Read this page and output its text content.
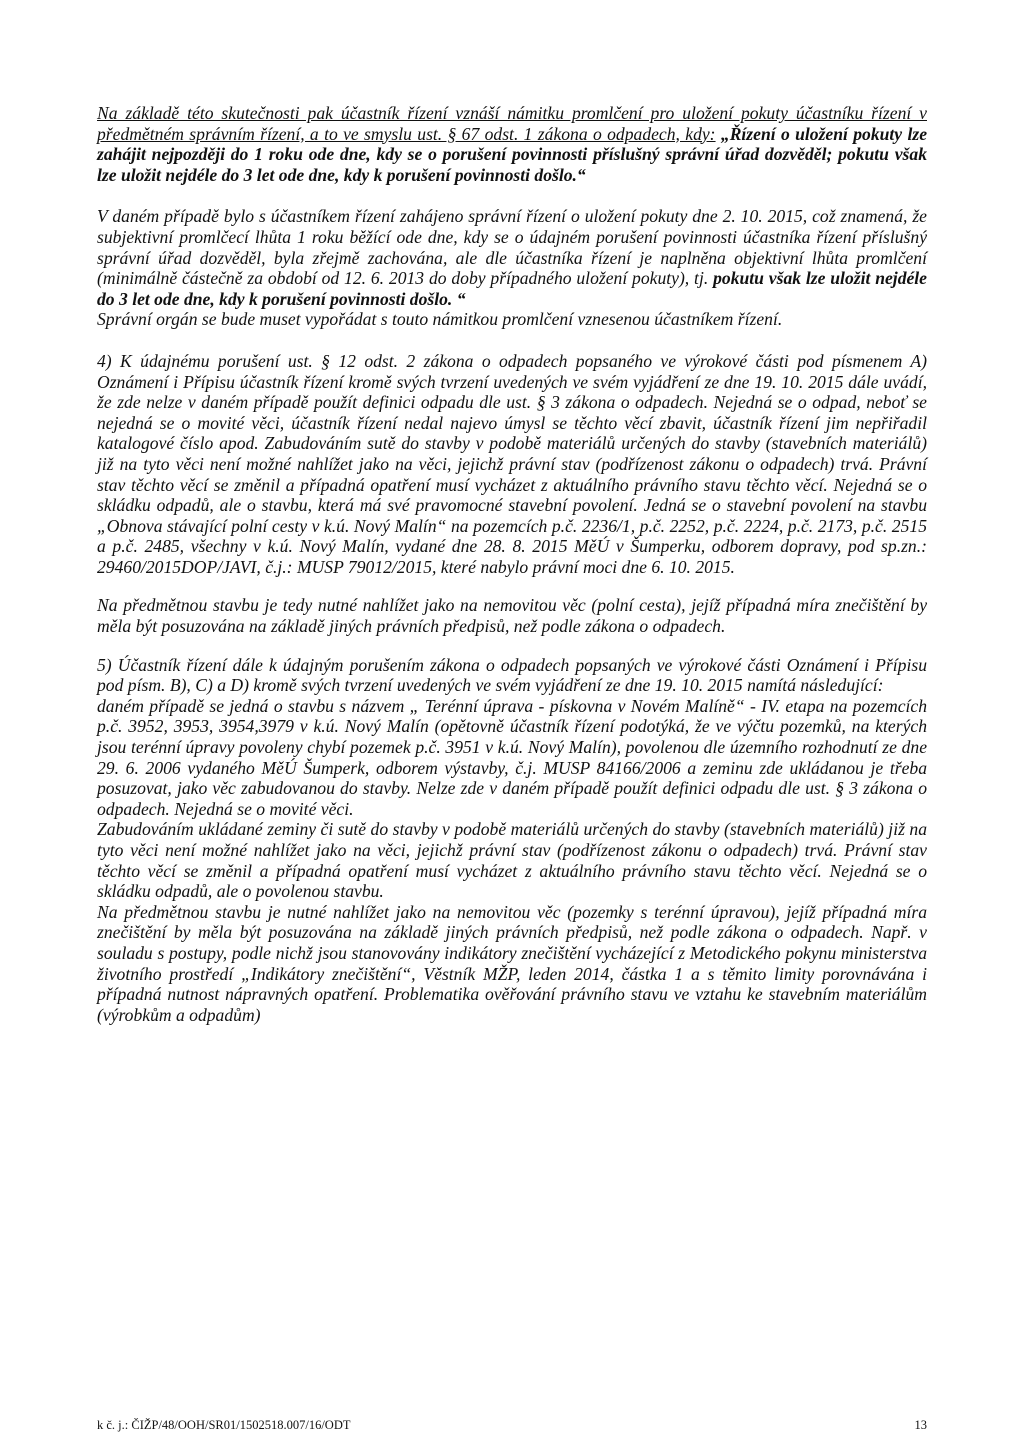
Na základě této skutečnosti pak účastník řízení vznáší námitku promlčení pro uložení pokuty účastníku řízení v předmětném správním řízení, a to ve smyslu ust. § 67 odst. 1 zákona o odpadech, kdy: „Řízení o uložení pokuty lze zahájit nejpozději do 1 roku ode dne, kdy se o porušení povinnosti příslušný správní úřad dozvěděl; pokutu však lze uložit nejdéle do 3 let ode dne, kdy k porušení povinnosti došlo.“

V daném případě bylo s účastníkem řízení zahájeno správní řízení o uložení pokuty dne 2. 10. 2015, což znamená, že subjektivní promlčecí lhůta 1 roku běžící ode dne, kdy se o údajném porušení povinnosti účastníka řízení příslušný správní úřad dozvěděl, byla zřejmě zachována, ale dle účastníka řízení je naplněna objektivní lhůta promlčení (minimálně částečně za období od 12. 6. 2013 do doby případného uložení pokuty), tj. pokutu však lze uložit nejdéle do 3 let ode dne, kdy k porušení povinnosti došlo. “
Správní orgán se bude muset vypořádat s touto námitkou promlčení vznesenou účastníkem řízení.

4) K údajnému porušení ust. § 12 odst. 2 zákona o odpadech popsaného ve výrokové části pod písmenem A) Oznámení i Přípisu účastník řízení kromě svých tvrzení uvedených ve svém vyjádření ze dne 19. 10. 2015 dále uvádí, že zde nelze v daném případě použít definici odpadu dle ust. § 3 zákona o odpadech. Nejedná se o odpad, neboť se nejedná se o movité věci, účastník řízení nedal najevo úmysl se těchto věcí zbavit, účastník řízení jim nepřiřadil katalogové číslo apod. Zabudováním sutě do stavby v podobě materiálů určených do stavby (stavebních materiálů) již na tyto věci není možné nahlížet jako na věci, jejichž právní stav (podřízenost zákonu o odpadech) trvá. Právní stav těchto věcí se změnil a případná opatření musí vycházet z aktuálního právního stavu těchto věcí. Nejedná se o skládku odpadů, ale o stavbu, která má své pravomocné stavební povolení. Jedná se o stavební povolení na stavbu „Obnova stávající polní cesty v k.ú. Nový Malín“ na pozemcích p.č. 2236/1, p.č. 2252, p.č. 2224, p.č. 2173, p.č. 2515 a p.č. 2485, všechny v k.ú. Nový Malín, vydané dne 28. 8. 2015 MěÚ v Šumperku, odborem dopravy, pod sp.zn.: 29460/2015DOP/JAVI, č.j.: MUSP 79012/2015, které nabylo právní moci dne 6. 10. 2015.

Na předmětnou stavbu je tedy nutné nahlížet jako na nemovitou věc (polní cesta), jejíž případná míra znečištění by měla být posuzována na základě jiných právních předpisů, než podle zákona o odpadech.

5) Účastník řízení dále k údajným porušením zákona o odpadech popsaných ve výrokové části Oznámení i Přípisu pod písm. B), C) a D) kromě svých tvrzení uvedených ve svém vyjádření ze dne 19. 10. 2015 namítá následující:

daném případě se jedná o stavbu s názvem „ Terénní úprava - pískovna v Novém Malíně“ - IV. etapa na pozemcích p.č. 3952, 3953, 3954,3979 v k.ú. Nový Malín (opětovně účastník řízení podotýká, že ve výčtu pozemků, na kterých jsou terénní úpravy povoleny chybí pozemek p.č. 3951 v k.ú. Nový Malín), povolenou dle územního rozhodnutí ze dne 29. 6. 2006 vydaného MěÚ Šumperk, odborem výstavby, č.j. MUSP 84166/2006 a zeminu zde ukládanou je třeba posuzovat, jako věc zabudovanou do stavby. Nelze zde v daném případě použít definici odpadu dle ust. § 3 zákona o odpadech. Nejedná se o movité věci.

Zabudováním ukládané zeminy či sutě do stavby v podobě materiálů určených do stavby (stavebních materiálů) již na tyto věci není možné nahlížet jako na věci, jejichž právní stav (podřízenost zákonu o odpadech) trvá. Právní stav těchto věcí se změnil a případná opatření musí vycházet z aktuálního právního stavu těchto věcí. Nejedná se o skládku odpadů, ale o povolenou stavbu.

Na předmětnou stavbu je nutné nahlížet jako na nemovitou věc (pozemky s terénní úpravou), jejíž případná míra znečištění by měla být posuzována na základě jiných právních předpisů, než podle zákona o odpadech. Např. v souladu s postupy, podle nichž jsou stanovovány indikátory znečištění vycházející z Metodického pokynu ministerstva životního prostředí „Indikátory znečištění“, Věstník MŽP, leden 2014, částka 1 a s těmito limity porovnávána i případná nutnost nápravných opatření. Problematika ověřování právního stavu ve vztahu ke stavebním materiálům (výrobkům a odpadům)

k č. j.: ČIŽP/48/OOH/SR01/1502518.007/16/ODT	13
